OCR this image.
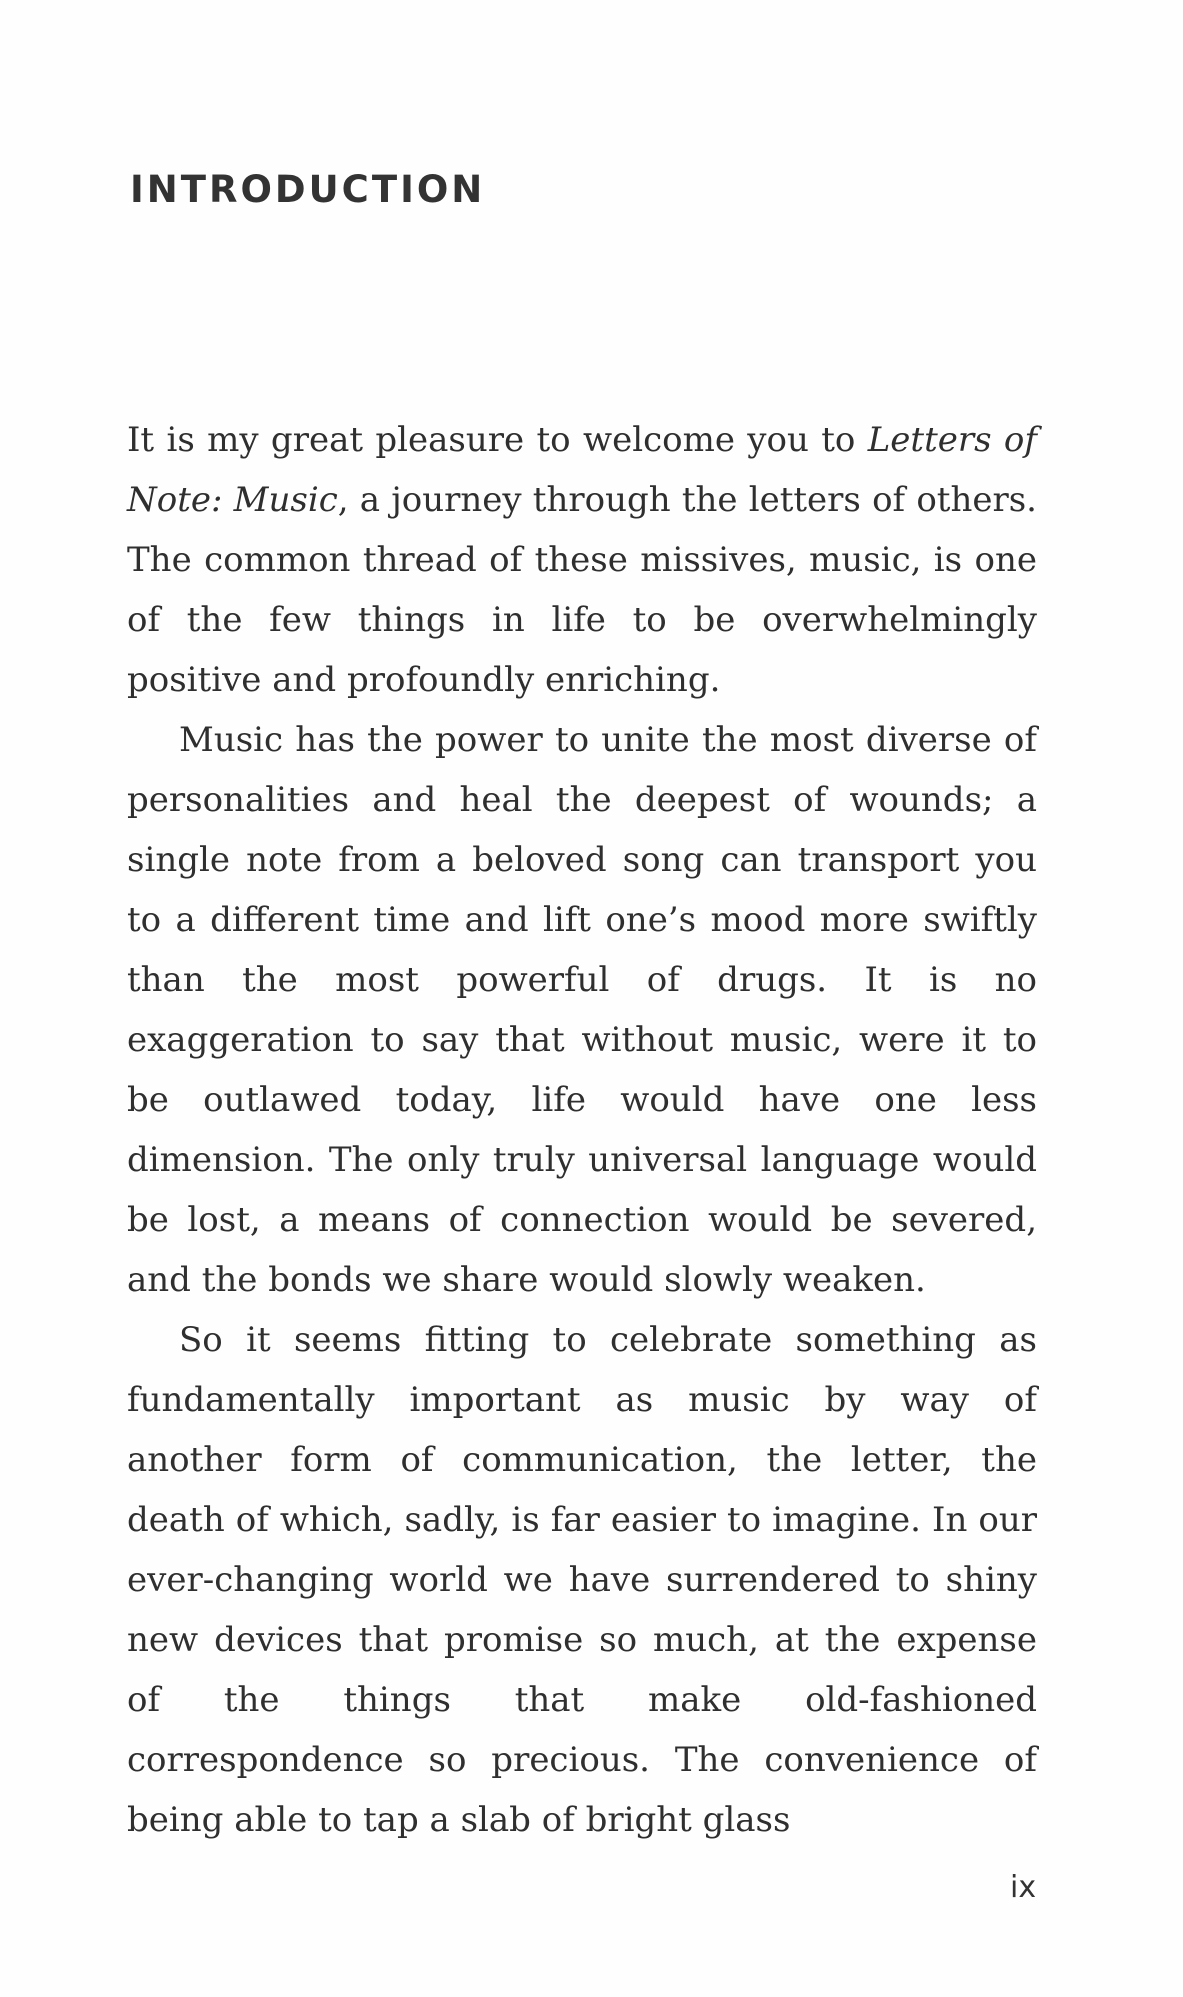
INTRODUCTION

It is my great pleasure to welcome you to Letters of Note: Music, a journey through the letters of others. The common thread of these missives, music, is one of the few things in life to be overwhelmingly positive and profoundly enriching.

Music has the power to unite the most diverse of personalities and heal the deepest of wounds; a single note from a beloved song can transport you to a different time and lift one’s mood more swiftly than the most powerful of drugs. It is no exaggeration to say that without music, were it to be outlawed today, life would have one less dimension. The only truly universal language would be lost, a means of connection would be severed, and the bonds we share would slowly weaken.

So it seems fitting to celebrate something as fundamentally important as music by way of another form of communication, the letter, the death of which, sadly, is far easier to imagine. In our ever-changing world we have surrendered to shiny new devices that promise so much, at the expense of the things that make old-fashioned correspondence so precious. The convenience of being able to tap a slab of bright glass

ix
